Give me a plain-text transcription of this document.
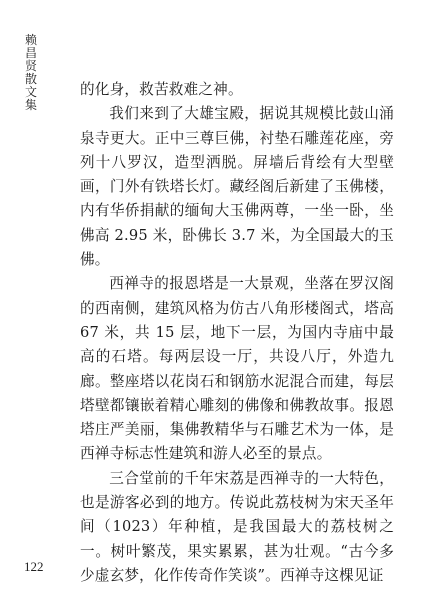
赖昌贤散文集

的化身，救苦救难之神。

我们来到了大雄宝殿，据说其规模比鼓山涌泉寺更大。正中三尊巨佛，衬垫石雕莲花座，旁列十八罗汉，造型洒脱。屏墙后背绘有大型壁画，门外有铁塔长灯。藏经阁后新建了玉佛楼，内有华侨捐献的缅甸大玉佛两尊，一坐一卧，坐佛高 2.95 米，卧佛长 3.7 米，为全国最大的玉佛。

西禅寺的报恩塔是一大景观，坐落在罗汉阁的西南侧，建筑风格为仿古八角形楼阁式，塔高 67 米，共 15 层，地下一层，为国内寺庙中最高的石塔。每两层设一厅，共设八厅，外造九廊。整座塔以花岗石和钢筋水泥混合而建，每层塔壁都镶嵌着精心雕刻的佛像和佛教故事。报恩塔庄严美丽，集佛教精华与石雕艺术为一体，是西禅寺标志性建筑和游人必至的景点。

三合堂前的千年宋荔是西禅寺的一大特色，也是游客必到的地方。传说此荔枝树为宋天圣年间（1023）年种植，是我国最大的荔枝树之一。树叶繁茂，果实累累，甚为壮观。“古今多少虚玄梦，化作传奇作笑谈”。西禅寺这棵见证

122
